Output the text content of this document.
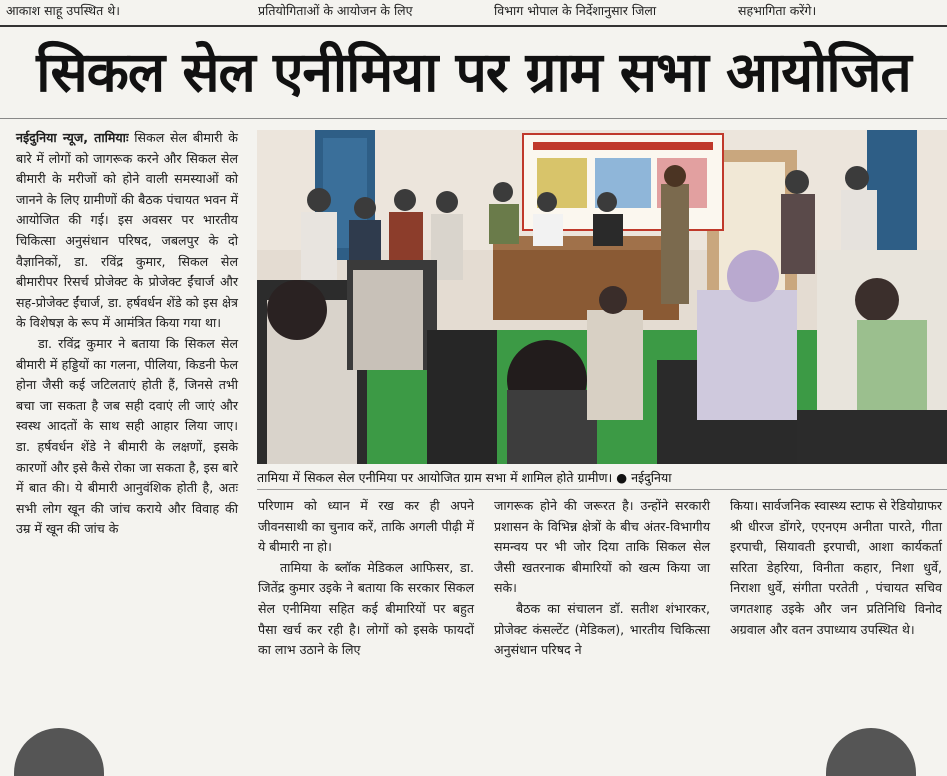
आकाश साहू उपस्थित थे।	प्रतियोगिताओं के आयोजन के लिए	विभाग भोपाल के निर्देशानुसार जिला	सहभागिता करेंगे।
सिकल सेल एनीमिया पर ग्राम सभा आयोजित

नईदुनिया न्यूज, तामियाः सिकल सेल बीमारी के बारे में लोगों को जागरूक करने और सिकल सेल बीमारी के मरीजों को होने वाली समस्याओं को जानने के लिए ग्रामीणों की बैठक पंचायत भवन में आयोजित की गई। इस अवसर पर भारतीय चिकित्सा अनुसंधान परिषद, जबलपुर के दो वैज्ञानिकों, डा. रविंद्र कुमार, सिकल सेल बीमारीपर रिसर्च प्रोजेक्ट के प्रोजेक्ट ईंचार्ज और सह-प्रोजेक्ट ईंचार्ज, डा. हर्षवर्धन शेंडे को इस क्षेत्र के विशेषज्ञ के रूप में आमंत्रित किया गया था।

डा. रविंद्र कुमार ने बताया कि सिकल सेल बीमारी में हड्डियों का गलना, पीलिया, किडनी फेल होना जैसी कई जटिलताएं होती हैं, जिनसे तभी बचा जा सकता है जब सही दवाएं ली जाएं और स्वस्थ आदतों के साथ सही आहार लिया जाए। डा. हर्षवर्धन शेंडे ने बीमारी के लक्षणों, इसके कारणों और इसे कैसे रोका जा सकता है, इस बारे में बात की। ये बीमारी आनुवंशिक होती है, अतः सभी लोग खून की जांच कराये और विवाह की उम्र में खून की जांच के

तामिया में सिकल सेल एनीमिया पर आयोजित ग्राम सभा में शामिल होते ग्रामीण। ● नईदुनिया

परिणाम को ध्यान में रख कर ही अपने जीवनसाथी का चुनाव करें, ताकि अगली पीढ़ी में ये बीमारी ना हो।

तामिया के ब्लॉक मेडिकल आफिसर, डा. जितेंद्र कुमार उइके ने बताया कि सरकार सिकल सेल एनीमिया सहित कई बीमारियों पर बहुत पैसा खर्च कर रही है। लोगों को इसके फायदों का लाभ उठाने के लिए

जागरूक होने की जरूरत है। उन्होंने सरकारी प्रशासन के विभिन्न क्षेत्रों के बीच अंतर-विभागीय समन्वय पर भी जोर दिया ताकि सिकल सेल जैसी खतरनाक बीमारियों को खत्म किया जा सके।

बैठक का संचालन डॉ. सतीश शंभारकर, प्रोजेक्ट कंसल्टेंट (मेडिकल), भारतीय चिकित्सा अनुसंधान परिषद ने

किया। सार्वजनिक स्वास्थ्य स्टाफ से रेडियोग्राफर श्री धीरज डोंगरे, एएनएम अनीता पारते, गीता इरपाची, सियावती इरपाची, आशा कार्यकर्ता सरिता डेहरिया, विनीता कहार, निशा धुर्वे, निराशा धुर्वे, संगीता परतेती , पंचायत सचिव जगतशाह उइके और जन प्रतिनिधि विनोद अग्रवाल और वतन उपाध्याय उपस्थित थे।
